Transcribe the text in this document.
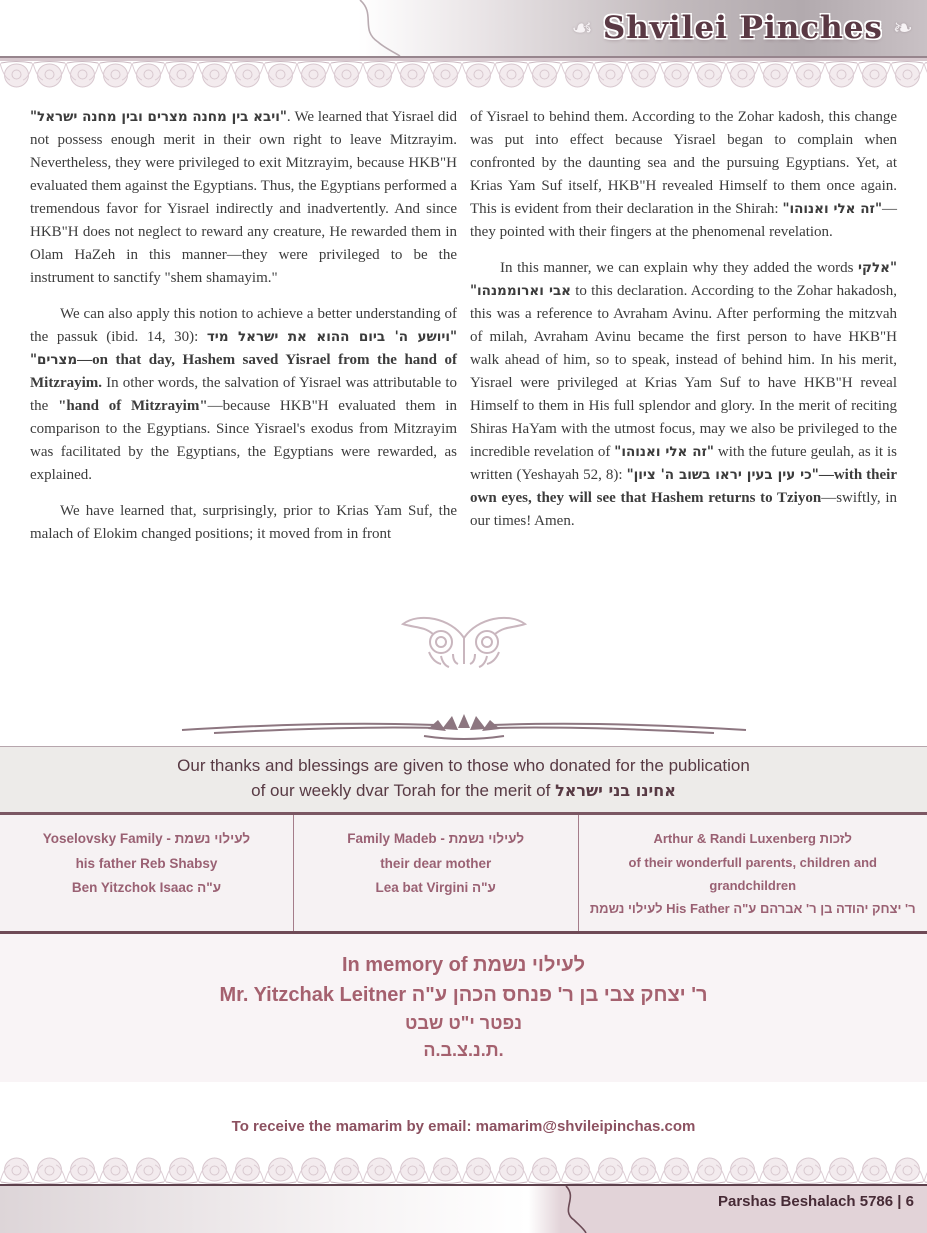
☙ Shvilei Pinches ❧

"ויבא בין מחנה מצרים ובין מחנה ישראל". We learned that Yisrael did not possess enough merit in their own right to leave Mitzrayim. Nevertheless, they were privileged to exit Mitzrayim, because HKB"H evaluated them against the Egyptians. Thus, the Egyptians performed a tremendous favor for Yisrael indirectly and inadvertently. And since HKB"H does not neglect to reward any creature, He rewarded them in Olam HaZeh in this manner—they were privileged to be the instrument to sanctify "shem shamayim."

We can also apply this notion to achieve a better understanding of the passuk (ibid. 14, 30): "ויושע ה' ביום ההוא את ישראל מיד מצרים"—on that day, Hashem saved Yisrael from the hand of Mitzrayim. In other words, the salvation of Yisrael was attributable to the "hand of Mitzrayim"—because HKB"H evaluated them in comparison to the Egyptians. Since Yisrael's exodus from Mitzrayim was facilitated by the Egyptians, the Egyptians were rewarded, as explained.

We have learned that, surprisingly, prior to Krias Yam Suf, the malach of Elokim changed positions; it moved from in front

of Yisrael to behind them. According to the Zohar kadosh, this change was put into effect because Yisrael began to complain when confronted by the daunting sea and the pursuing Egyptians. Yet, at Krias Yam Suf itself, HKB"H revealed Himself to them once again. This is evident from their declaration in the Shirah: "זה אלי ואנוהו"—they pointed with their fingers at the phenomenal revelation.

In this manner, we can explain why they added the words "אלקי אבי וארוממנהו" to this declaration. According to the Zohar hakadosh, this was a reference to Avraham Avinu. After performing the mitzvah of milah, Avraham Avinu became the first person to have HKB"H walk ahead of him, so to speak, instead of behind him. In his merit, Yisrael were privileged at Krias Yam Suf to have HKB"H reveal Himself to them in His full splendor and glory. In the merit of reciting Shiras HaYam with the utmost focus, may we also be privileged to the incredible revelation of "זה אלי ואנוהו" with the future geulah, as it is written (Yeshayah 52, 8): "כי עין בעין יראו בשוב ה' ציון"—with their own eyes, they will see that Hashem returns to Tziyon—swiftly, in our times! Amen.

Our thanks and blessings are given to those who donated for the publication
of our weekly dvar Torah for the merit of אחינו בני ישראל
Yoselovsky Family - לעילוי נשמת
his father Reb Shabsy
Ben Yitzchok Isaac ע"ה
Family Madeb - לעילוי נשמת
their dear mother
Lea bat Virgini ע"ה
Arthur & Randi Luxenberg לזכות
of their wonderfull parents, children and grandchildren
לעילוי נשמת His Father ר' יצחק יהודה בן ר' אברהם ע"ה
In memory of לעילוי נשמת
Mr. Yitzchak Leitner ר' יצחק צבי בן ר' פנחס הכהן ע"ה
נפטר י"ט שבט
ת.נ.צ.ב.ה.
To receive the mamarim by email: mamarim@shvileipinchas.com
Parshas Beshalach 5786 | 6
